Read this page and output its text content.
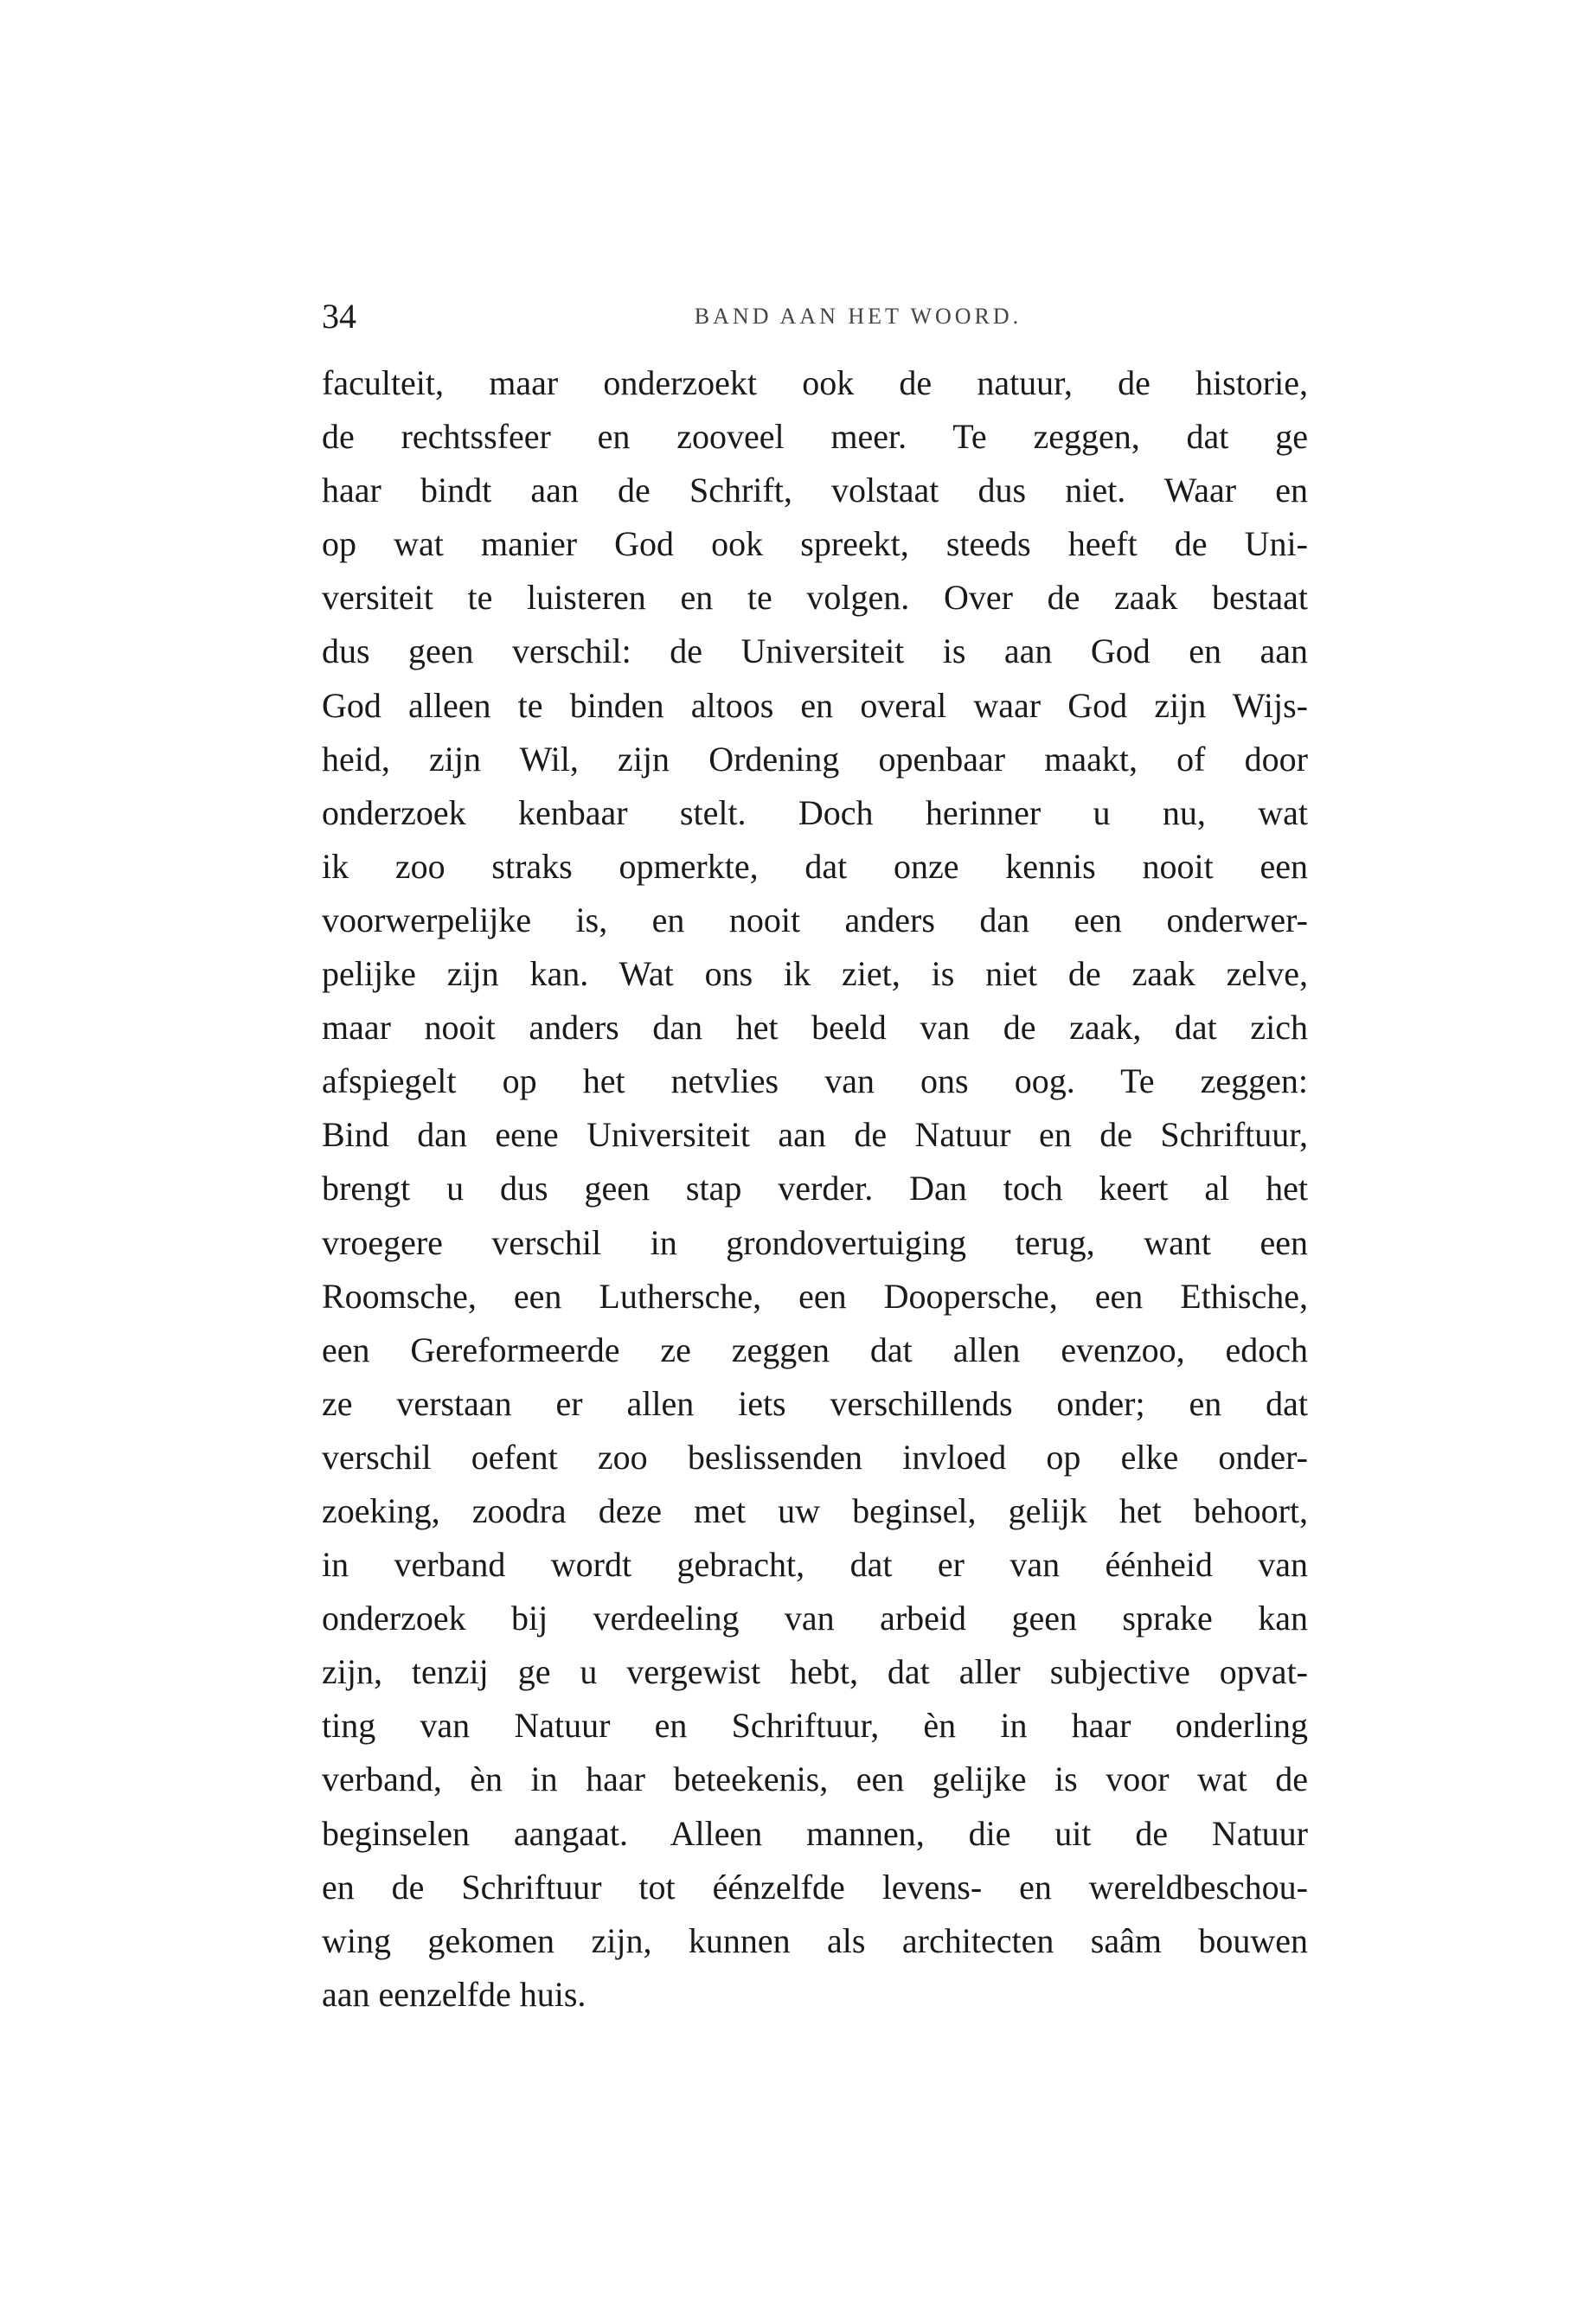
34	BAND AAN HET WOORD.
faculteit, maar onderzoekt ook de natuur, de historie,
de rechtssfeer en zooveel meer. Te zeggen, dat ge
haar bindt aan de Schrift, volstaat dus niet. Waar en
op wat manier God ook spreekt, steeds heeft de Uni-
versiteit te luisteren en te volgen. Over de zaak bestaat
dus geen verschil: de Universiteit is aan God en aan
God alleen te binden altoos en overal waar God zijn Wijs-
heid, zijn Wil, zijn Ordening openbaar maakt, of door
onderzoek kenbaar stelt. Doch herinner u nu, wat
ik zoo straks opmerkte, dat onze kennis nooit een
voorwerpelijke is, en nooit anders dan een onderwer-
pelijke zijn kan. Wat ons ik ziet, is niet de zaak zelve,
maar nooit anders dan het beeld van de zaak, dat zich
afspiegelt op het netvlies van ons oog. Te zeggen:
Bind dan eene Universiteit aan de Natuur en de Schriftuur,
brengt u dus geen stap verder. Dan toch keert al het
vroegere verschil in grondovertuiging terug, want een
Roomsche, een Luthersche, een Doopersche, een Ethische,
een Gereformeerde ze zeggen dat allen evenzoo, edoch
ze verstaan er allen iets verschillends onder; en dat
verschil oefent zoo beslissenden invloed op elke onder-
zoeking, zoodra deze met uw beginsel, gelijk het behoort,
in verband wordt gebracht, dat er van éénheid van
onderzoek bij verdeeling van arbeid geen sprake kan
zijn, tenzij ge u vergewist hebt, dat aller subjective opvat-
ting van Natuur en Schriftuur, èn in haar onderling
verband, èn in haar beteekenis, een gelijke is voor wat de
beginselen aangaat. Alleen mannen, die uit de Natuur
en de Schriftuur tot éénzelfde levens- en wereldbeschou-
wing gekomen zijn, kunnen als architecten saâm bouwen
aan eenzelfde huis.
